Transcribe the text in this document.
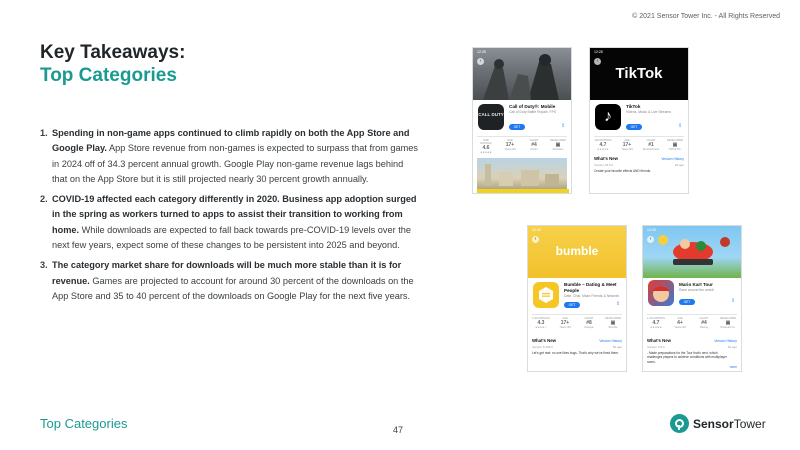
© 2021 Sensor Tower Inc. - All Rights Reserved
Key Takeaways:
Top Categories
1. Spending in non-game apps continued to climb rapidly on both the App Store and Google Play. App Store revenue from non-games is expected to surpass that from games in 2024 off of 34.3 percent annual growth. Google Play non-game revenue lags behind that on the App Store but it is still projected nearly 30 percent growth annually.
2. COVID-19 affected each category differently in 2020. Business app adoption surged in the spring as workers turned to apps to assist their transition to working from home. While downloads are expected to fall back towards pre-COVID-19 levels over the next few years, expect some of these changes to be persistent into 2025 and beyond.
3. The category market share for downloads will be much more stable than it is for revenue. Games are projected to account for around 30 percent of the downloads on the App Store and 35 to 40 percent of the downloads on Google Play for the next five years.
12:28
‹
CALL DUTY
Call of Duty®: Mobile
Call of Duty Battle Royale, FPS
GET	⇪
100K RATINGS
4.6
★★★★★
AGE
17+
Years Old
CHART
#4
Action
DEVELOPER
▣
Activision
TikTok
12:28
‹
♪
TikTok
Videos, Music & Live Streams
GET	⇪
13M RATINGS
4.7
★★★★★
AGE
17+
Years Old
CHART
#1
Entertainment
DEVELOPER
▣
TikTok Pte.
What's New	Version History
Version 18.6.0	2d ago
Create your favorite effects AND friends.
bumble
12:28
‹
Bumble – Dating & Meet People
Date, Chat, Make Friends & Network
GET	⇪
1.2M RATINGS
4.3
★★★★☆
AGE
17+
Years Old
CHART
#8
Lifestyle
DEVELOPER
▣
Bumble
What's New	Version History
Version 5.209.0	5d ago
Let's get real: no one likes bugs. That's why we've fixed them.
12:28
‹
Mario Kart Tour
Race around the world!
GET	⇪
1.1M RATINGS
4.7
★★★★★
AGE
4+
Years Old
CHART
#4
Racing
DEVELOPER
▣
Nintendo Co.
What's New	Version History
Version 2.8.0	6d ago
- Made preparations for the Tour that's next, which challenges players to achieve conditions with multiplayer races.
more
Top Categories	47	SensorTower
